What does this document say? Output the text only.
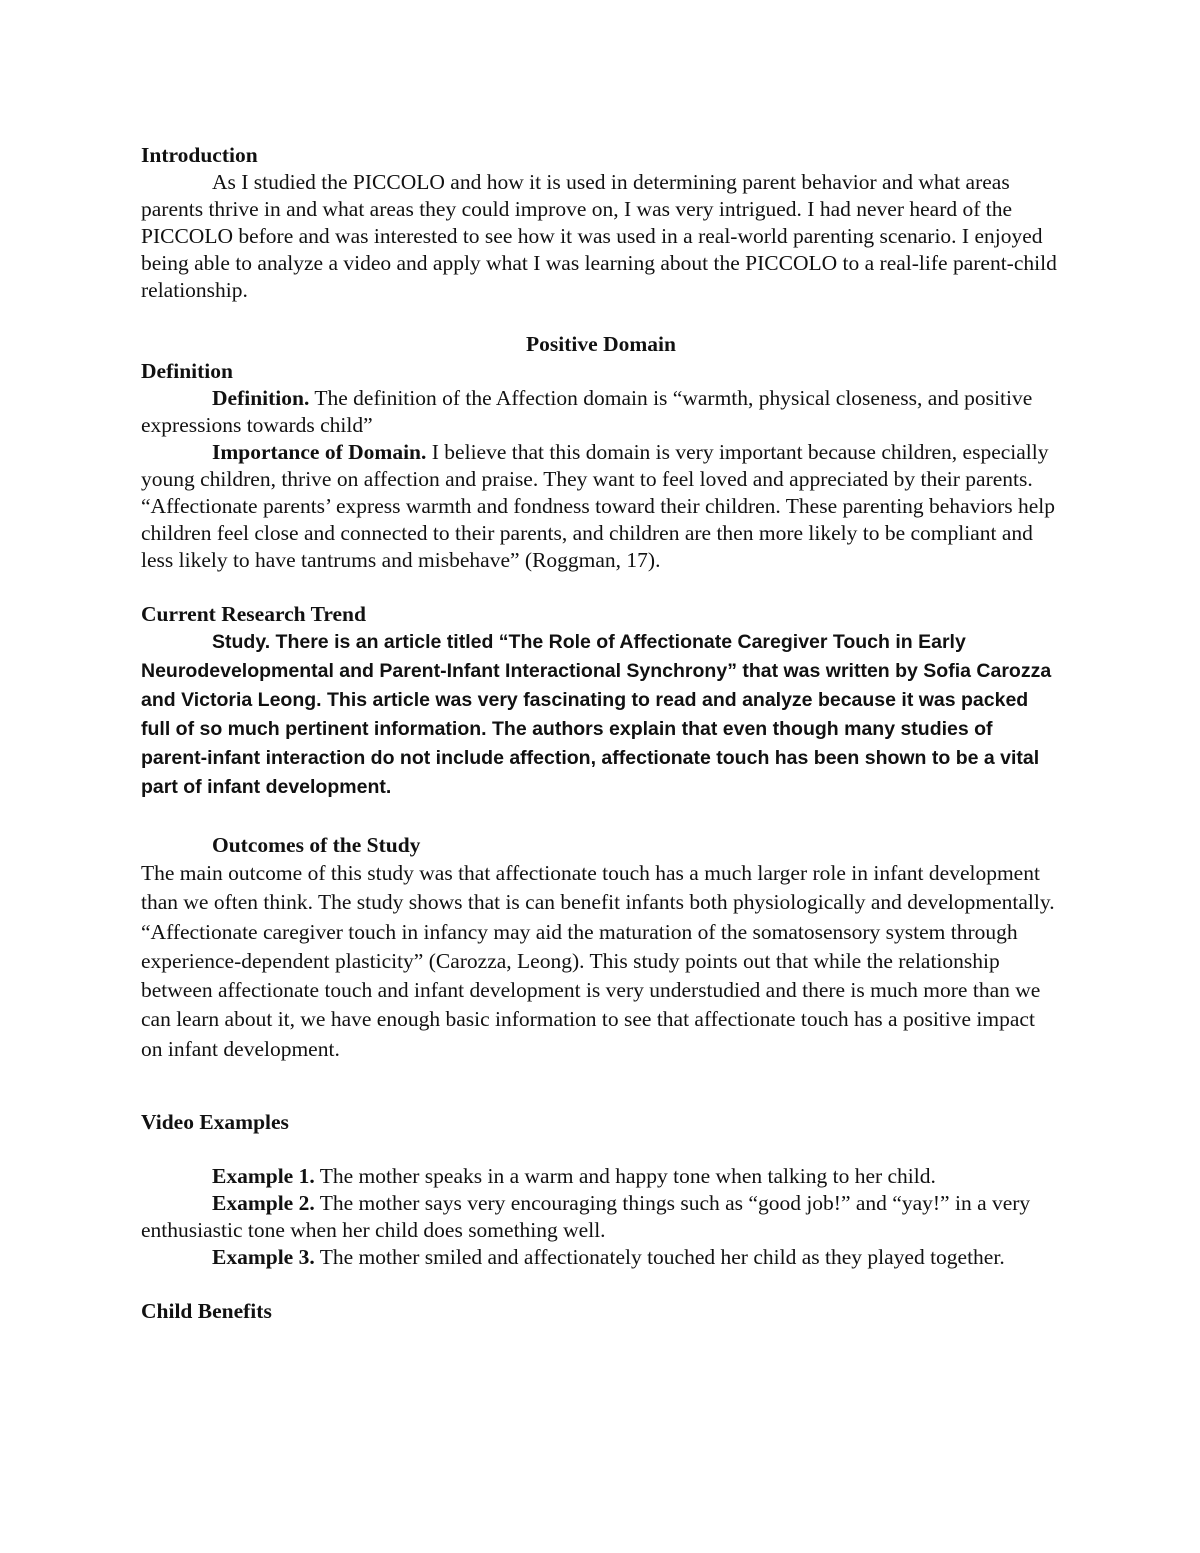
Introduction

As I studied the PICCOLO and how it is used in determining parent behavior and what areas parents thrive in and what areas they could improve on, I was very intrigued. I had never heard of the PICCOLO before and was interested to see how it was used in a real-world parenting scenario. I enjoyed being able to analyze a video and apply what I was learning about the PICCOLO to a real-life parent-child relationship.

Positive Domain

Definition

Definition. The definition of the Affection domain is “warmth, physical closeness, and positive expressions towards child”

Importance of Domain. I believe that this domain is very important because children, especially young children, thrive on affection and praise. They want to feel loved and appreciated by their parents. “Affectionate parents’ express warmth and fondness toward their children. These parenting behaviors help children feel close and connected to their parents, and children are then more likely to be compliant and less likely to have tantrums and misbehave” (Roggman, 17).

Current Research Trend

Study. There is an article titled “The Role of Affectionate Caregiver Touch in Early Neurodevelopmental and Parent-Infant Interactional Synchrony” that was written by Sofia Carozza and Victoria Leong. This article was very fascinating to read and analyze because it was packed full of so much pertinent information. The authors explain that even though many studies of parent-infant interaction do not include affection, affectionate touch has been shown to be a vital part of infant development.

Outcomes of the Study

The main outcome of this study was that affectionate touch has a much larger role in infant development than we often think. The study shows that is can benefit infants both physiologically and developmentally. “Affectionate caregiver touch in infancy may aid the maturation of the somatosensory system through experience-dependent plasticity” (Carozza, Leong). This study points out that while the relationship between affectionate touch and infant development is very understudied and there is much more than we can learn about it, we have enough basic information to see that affectionate touch has a positive impact on infant development.

Video Examples

Example 1. The mother speaks in a warm and happy tone when talking to her child.

Example 2. The mother says very encouraging things such as “good job!” and “yay!” in a very enthusiastic tone when her child does something well.

Example 3. The mother smiled and affectionately touched her child as they played together.

Child Benefits
